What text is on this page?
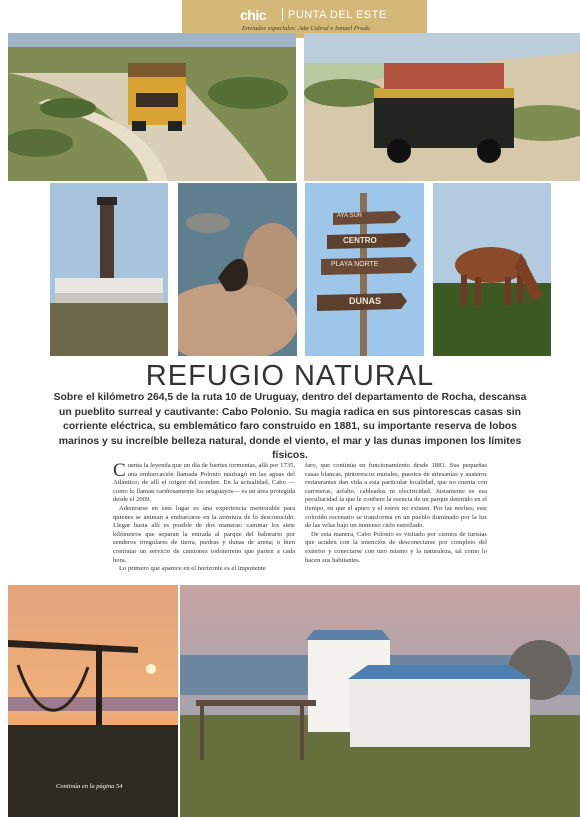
chic PUNTA DEL ESTE
Enviados especiales: Ada Cabral e Ismael Prado
AYA SUR
CENTRO
PLAYA NORTE
DUNAS
REFUGIO NATURAL

Sobre el kilómetro 264,5 de la ruta 10 de Uruguay, dentro del departamento de Rocha, descansa un pueblito surreal y cautivante: Cabo Polonio. Su magia radica en sus pintorescas casas sin corriente eléctrica, su emblemático faro construido en 1881, su importante reserva de lobos marinos y su increíble belleza natural, donde el viento, el mar y las dunas imponen los límites físicos.

Cuenta la leyenda que un día de fuertes tormentas, allá por 1735, una embarcación llamada Polonio naufragó en las aguas del Atlántico; de allí el origen del nombre. En la actualidad, Cabo —como lo llaman cariñosamente los uruguayos— es un área protegida desde el 2009.

Adentrarse en este lugar es una experiencia memorable para quienes se animan a embarcarse en la aventura de lo desconocido. Llegar hasta allí es posible de dos maneras: caminar los siete kilómetros que separan la entrada al parque del balneario por senderos irregulares de tierra, piedras y dunas de arena; o bien contratar un servicio de camiones todoterreno que parten a cada hora.

Lo primero que aparece en el horizonte es el imponente

faro, que continúa en funcionamiento desde 1881. Sus pequeñas casas blancas, pintorescos murales, puestos de artesanías y austeros restaurantes dan vida a esta particular localidad, que no cuenta con carreteras, asfalto, cableados ni electricidad. Justamente es esa peculiaridad la que le confiere la esencia de un parque detenido en el tiempo, en que el apuro y el estrés no existen. Por las noches, este colorido escenario se transforma en un pueblo iluminado por la luz de las velas bajo un inmenso cielo estrellado.

De esta manera, Cabo Polonio es visitado por cientos de turistas que acuden con la intención de desconectarse por completo del exterior y conectarse con uno mismo y la naturaleza, tal como lo hacen sus habitantes.

Continúa en la página 54
